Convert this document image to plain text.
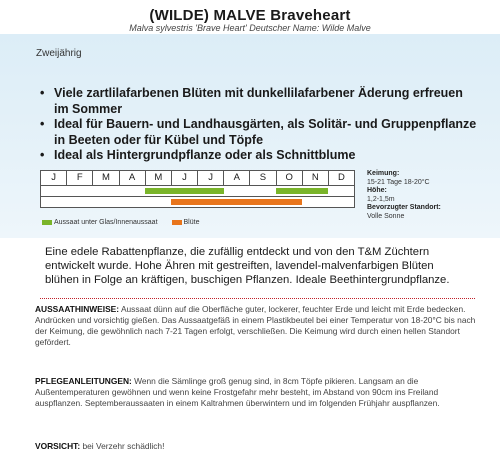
(WILDE) MALVE Braveheart
Malva sylvestris 'Brave Heart' Deutscher Name: Wilde Malve
Zweijährig
• Viele zartlilafarbenen Blüten mit dunkellilafarbener Äderung erfreuen im Sommer
• Ideal für Bauern- und Landhausgärten, als Solitär- und Gruppenpflanze in Beeten oder für Kübel und Töpfe
• Ideal als Hintergrundpflanze oder als Schnittblume
J	F	M	A	M	J	J	A	S	O	N	D
Aussaat unter Glas/Innenaussaat	Blüte
Keimung:
15-21 Tage 18-20°C
Höhe:
1,2-1,5m
Bevorzugter Standort:
Volle Sonne
Eine edele Rabattenpflanze, die zufällig entdeckt und von den T&M Züchtern entwickelt wurde. Hohe Ähren mit gestreiften, lavendel-malvenfarbigen Blüten blühen in Folge an kräftigen, buschigen Pflanzen. Ideale Beethintergrundpflanze.
AUSSAATHINWEISE: Aussaat dünn auf die Oberfläche guter, lockerer, feuchter Erde und leicht mit Erde bedecken. Andrücken und vorsichtig gießen. Das Aussaatgefäß in einem Plastikbeutel bei einer Temperatur von 18-20°C bis nach der Keimung, die gewöhnlich nach 7-21 Tagen erfolgt, verschließen. Die Keimung wird durch einen hellen Standort gefördert.
PFLEGEANLEITUNGEN: Wenn die Sämlinge groß genug sind, in 8cm Töpfe pikieren. Langsam an die Außentemperaturen gewöhnen und wenn keine Frostgefahr mehr besteht, im Abstand von 90cm ins Freiland auspflanzen. Septemberaussaaten in einem Kaltrahmen überwintern und im folgenden Frühjahr auspflanzen.
VORSICHT: bei Verzehr schädlich!
